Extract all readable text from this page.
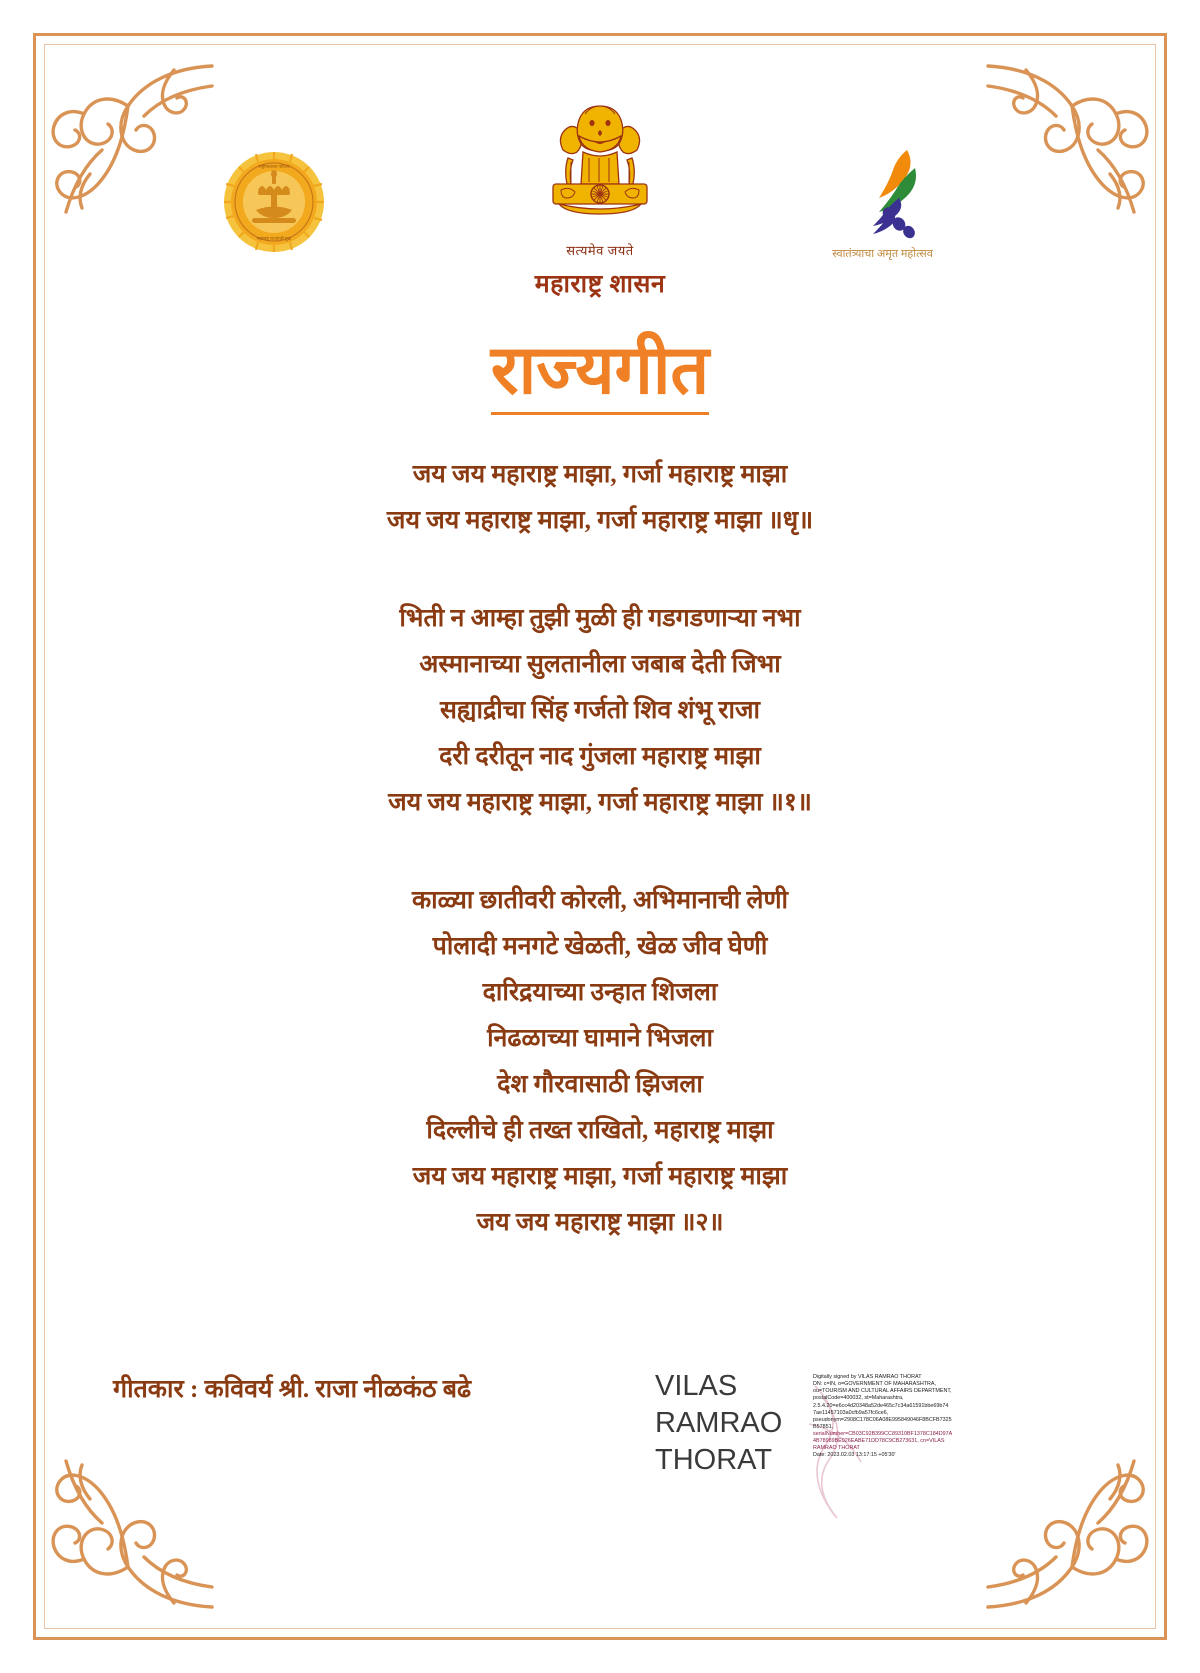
राष्ट्रीयत्वाचा परिचय
महाराष्ट्र राज्याची मुद्रा
सत्यमेव जयते
महाराष्ट्र शासन
स्वातंत्र्याचा अमृत महोत्सव
राज्यगीत
जय जय महाराष्ट्र माझा, गर्जा महाराष्ट्र माझा
जय जय महाराष्ट्र माझा, गर्जा महाराष्ट्र माझा ॥धृ॥
भिती न आम्हा तुझी मुळी ही गडगडणाऱ्या नभा
अस्मानाच्या सुलतानीला जबाब देती जिभा
सह्याद्रीचा सिंह गर्जतो शिव शंभू राजा
दरी दरीतून नाद गुंजला महाराष्ट्र माझा
जय जय महाराष्ट्र माझा, गर्जा महाराष्ट्र माझा ॥१॥
काळ्या छातीवरी कोरली, अभिमानाची लेणी
पोलादी मनगटे खेळती, खेळ जीव घेणी
दारिद्रयाच्या उन्हात शिजला
निढळाच्या घामाने भिजला
देश गौरवासाठी झिजला
दिल्लीचे ही तख्त राखितो, महाराष्ट्र माझा
जय जय महाराष्ट्र माझा, गर्जा महाराष्ट्र माझा
जय जय महाराष्ट्र माझा ॥२॥
गीतकार : कविवर्य श्री. राजा नीळकंठ बढे	VILAS
RAMRAO
THORAT
Digitally signed by VILAS RAMRAO THORAT
DN: c=IN, o=GOVERNMENT OF MAHARASHTRA,
ou=TOURISM AND CULTURAL AFFAIRS DEPARTMENT,
postalCode=400032, st=Maharashtra,
2.5.4.20=e6cc4d20348a52de465c7c34a61591bbe69b74
7ae11457103a0cfb9a57fc6ce6,
pseudonym=2908C178C06A08E995849046F8BCFB7325
B57851,
serialNumber=CB03C92B399CC89310BF1378C184D97A
4B78989BE926EABE71DD78C9CB273631, cn=VILAS
RAMRAO THORAT
Date: 2023.02.03 13:17:15 +05'30'
